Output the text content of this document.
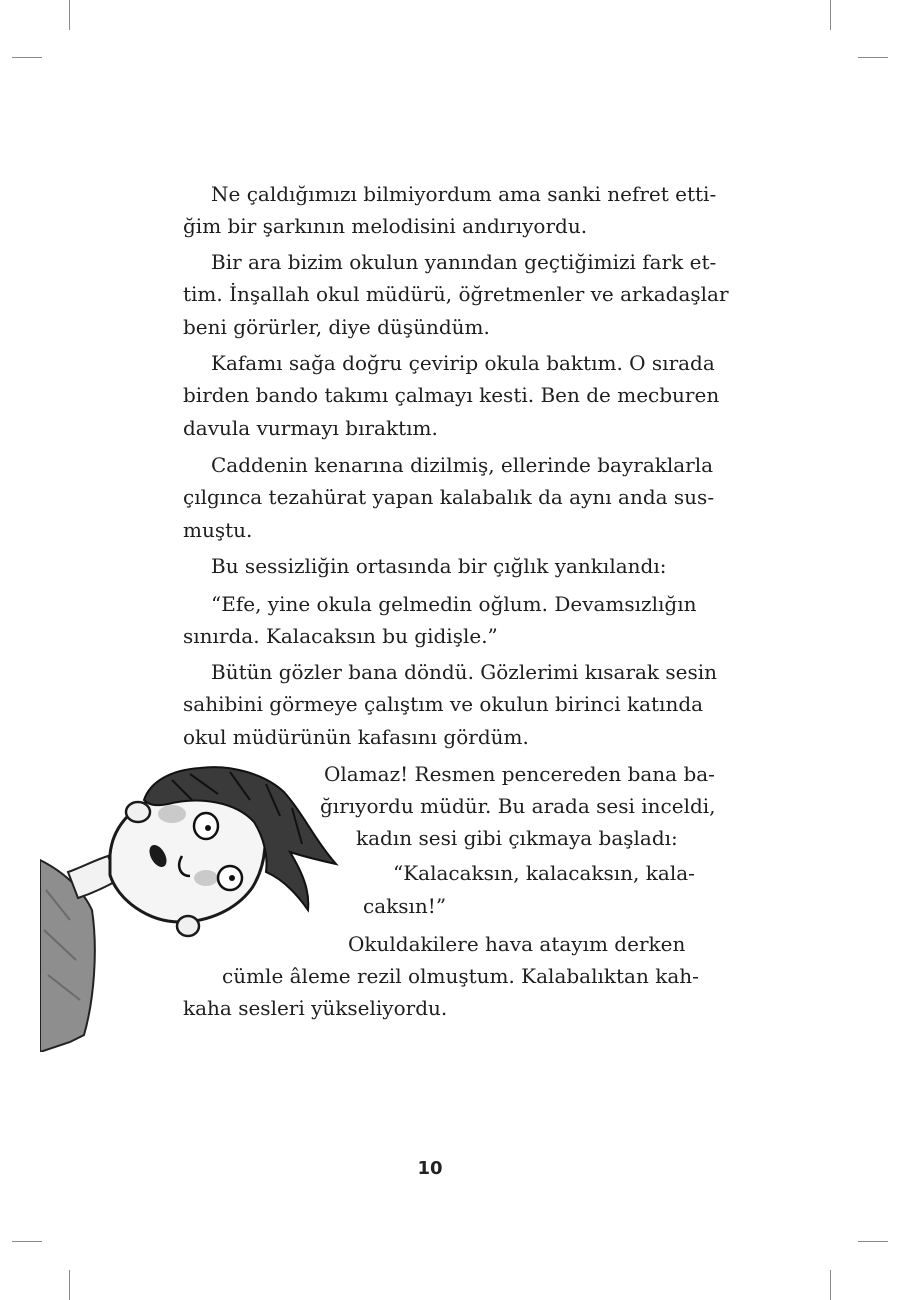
Ne çaldığımızı bilmiyordum ama sanki nefret etti-
ğim bir şarkının melodisini andırıyordu.
Bir ara bizim okulun yanından geçtiğimizi fark et-
tim. İnşallah okul müdürü, öğretmenler ve arkadaşlar
beni görürler, diye düşündüm.
Kafamı sağa doğru çevirip okula baktım. O sırada
birden bando takımı çalmayı kesti. Ben de mecburen
davula vurmayı bıraktım.
Caddenin kenarına dizilmiş, ellerinde bayraklarla
çılgınca tezahürat yapan kalabalık da aynı anda sus-
muştu.
Bu sessizliğin ortasında bir çığlık yankılandı:
“Efe, yine okula gelmedin oğlum. Devamsızlığın
sınırda. Kalacaksın bu gidişle.”
Bütün gözler bana döndü. Gözlerimi kısarak sesin
sahibini görmeye çalıştım ve okulun birinci katında
okul müdürünün kafasını gördüm.
Olamaz! Resmen pencereden bana ba-
ğırıyordu müdür. Bu arada sesi inceldi,
kadın sesi gibi çıkmaya başladı:
“Kalacaksın, kalacaksın, kala-
caksın!”
Okuldakilere hava atayım derken
cümle âleme rezil olmuştum. Kalabalıktan kah-
kaha sesleri yükseliyordu.
10
